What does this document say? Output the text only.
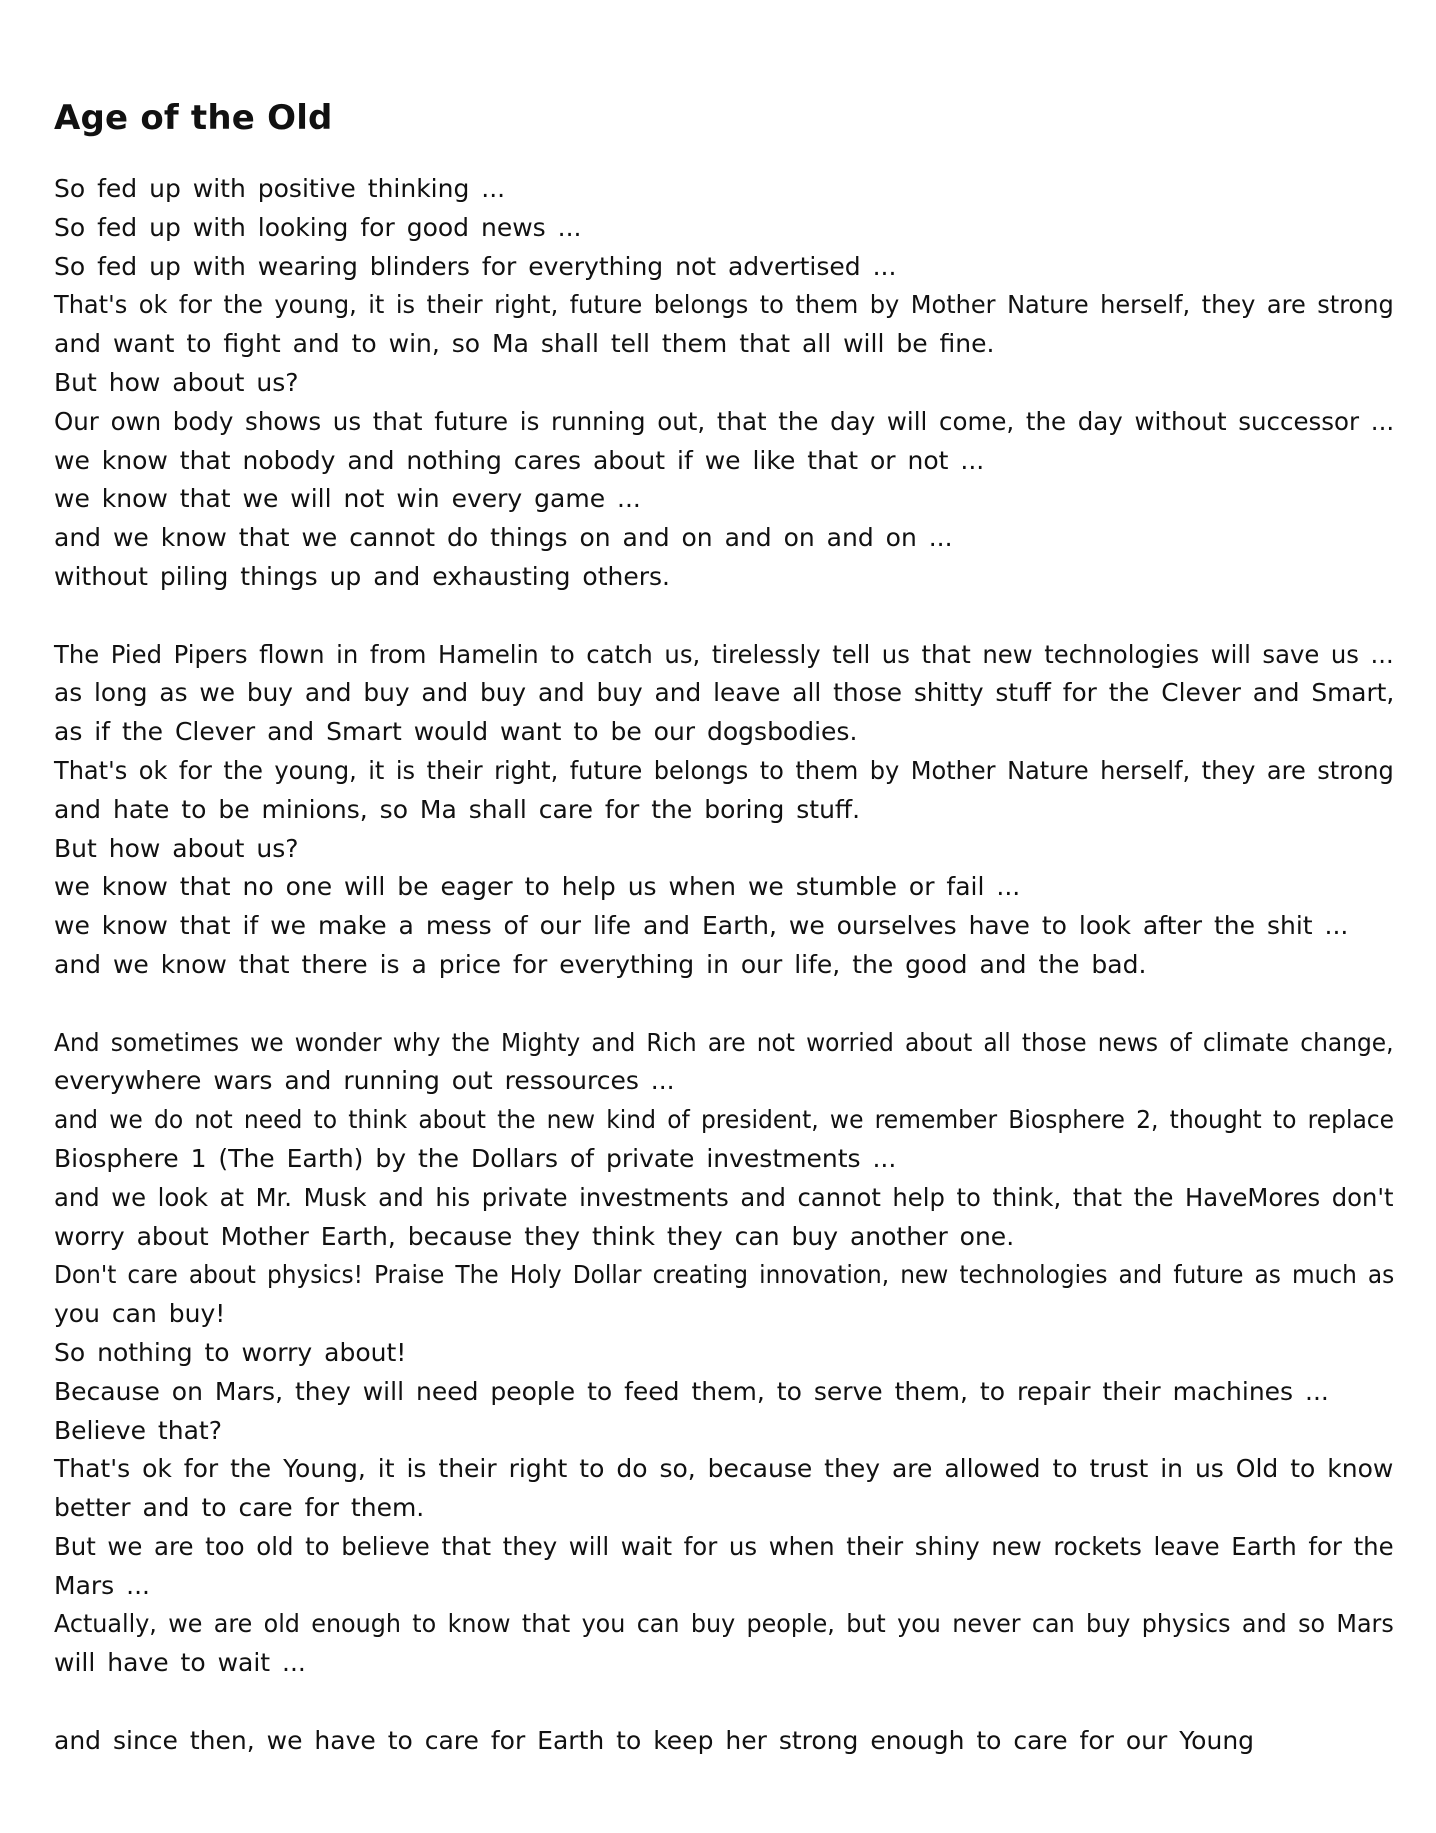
Age of the Old
So fed up with positive thinking ...
So fed up with looking for good news ...
So fed up with wearing blinders for everything not advertised ...
That's ok for the young, it is their right, future belongs to them by Mother Nature herself, they are strong
and want to fight and to win, so Ma shall tell them that all will be fine.
But how about us?
Our own body shows us that future is running out, that the day will come, the day without successor ...
we know that nobody and nothing cares about if we like that or not ...
we know that we will not win every game ...
and we know that we cannot do things on and on and on and on ...
without piling things up and exhausting others.
The Pied Pipers flown in from Hamelin to catch us, tirelessly tell us that new technologies will save us ...
as long as we buy and buy and buy and buy and leave all those shitty stuff for the Clever and Smart,
as if the Clever and Smart would want to be our dogsbodies.
That's ok for the young, it is their right, future belongs to them by Mother Nature herself, they are strong
and hate to be minions, so Ma shall care for the boring stuff.
But how about us?
we know that no one will be eager to help us when we stumble or fail ...
we know that if we make a mess of our life and Earth, we ourselves have to look after the shit ...
and we know that there is a price for everything in our life, the good and the bad.
And sometimes we wonder why the Mighty and Rich are not worried about all those news of climate change,
everywhere wars and running out ressources ...
and we do not need to think about the new kind of president, we remember Biosphere 2, thought to replace
Biosphere 1 (The Earth) by the Dollars of private investments ...
and we look at Mr. Musk and his private investments and cannot help to think, that the HaveMores don't
worry about Mother Earth, because they think they can buy another one.
Don't care about physics! Praise The Holy Dollar creating innovation, new technologies and future as much as
you can buy!
So nothing to worry about!
Because on Mars, they will need people to feed them, to serve them, to repair their machines ...
Believe that?
That's ok for the Young, it is their right to do so, because they are allowed to trust in us Old to know
better and to care for them.
But we are too old to believe that they will wait for us when their shiny new rockets leave Earth for the
Mars ...
Actually, we are old enough to know that you can buy people, but you never can buy physics and so Mars
will have to wait ...
and since then, we have to care for Earth to keep her strong enough to care for our Young
